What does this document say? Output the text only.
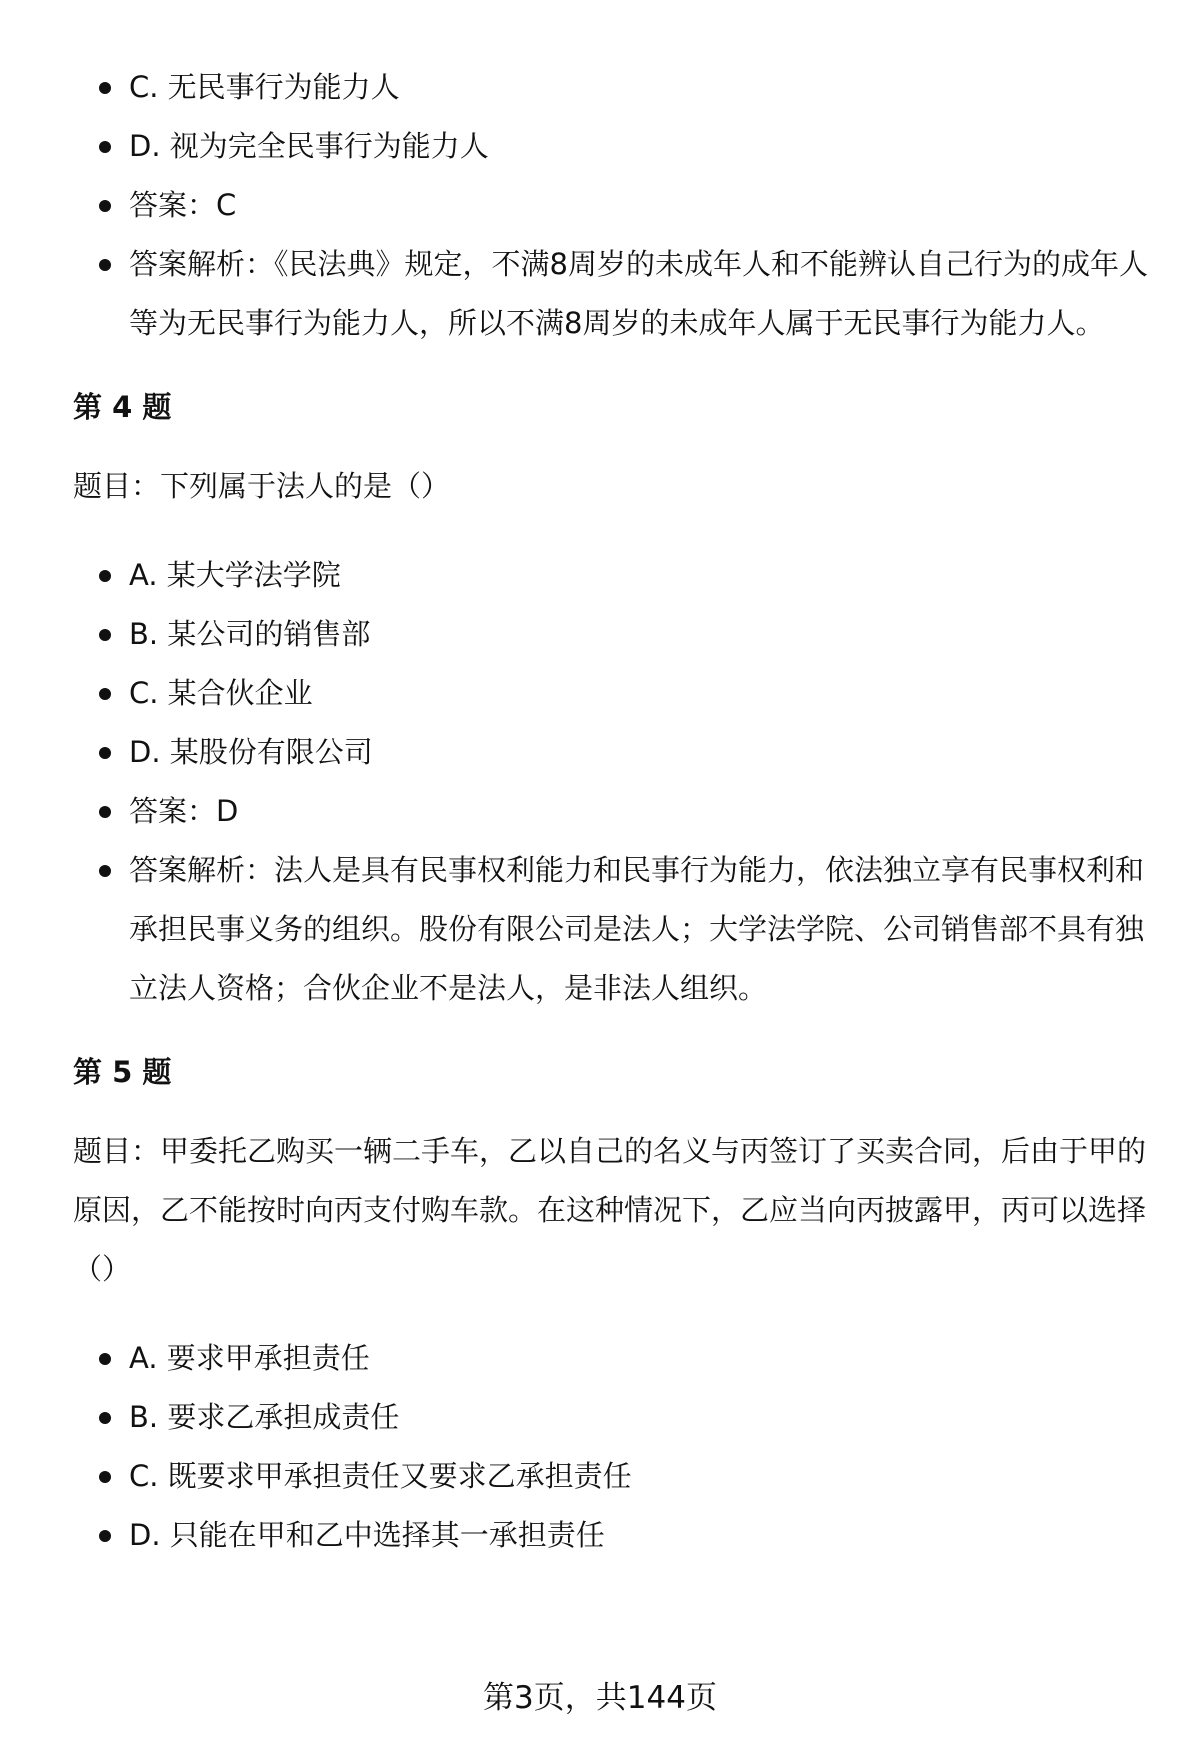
C. 无民事行为能力人
D. 视为完全民事行为能力人
答案：C
答案解析：《民法典》规定，不满8周岁的未成年人和不能辨认自己行为的成年人等为无民事行为能力人，所以不满8周岁的未成年人属于无民事行为能力人。
第 4 题
题目：下列属于法人的是（）
A. 某大学法学院
B. 某公司的销售部
C. 某合伙企业
D. 某股份有限公司
答案：D
答案解析：法人是具有民事权利能力和民事行为能力，依法独立享有民事权利和承担民事义务的组织。股份有限公司是法人；大学法学院、公司销售部不具有独立法人资格；合伙企业不是法人，是非法人组织。
第 5 题
题目：甲委托乙购买一辆二手车，乙以自己的名义与丙签订了买卖合同，后由于甲的原因，乙不能按时向丙支付购车款。在这种情况下，乙应当向丙披露甲，丙可以选择（）
A. 要求甲承担责任
B. 要求乙承担成责任
C. 既要求甲承担责任又要求乙承担责任
D. 只能在甲和乙中选择其一承担责任
第3页，共144页
